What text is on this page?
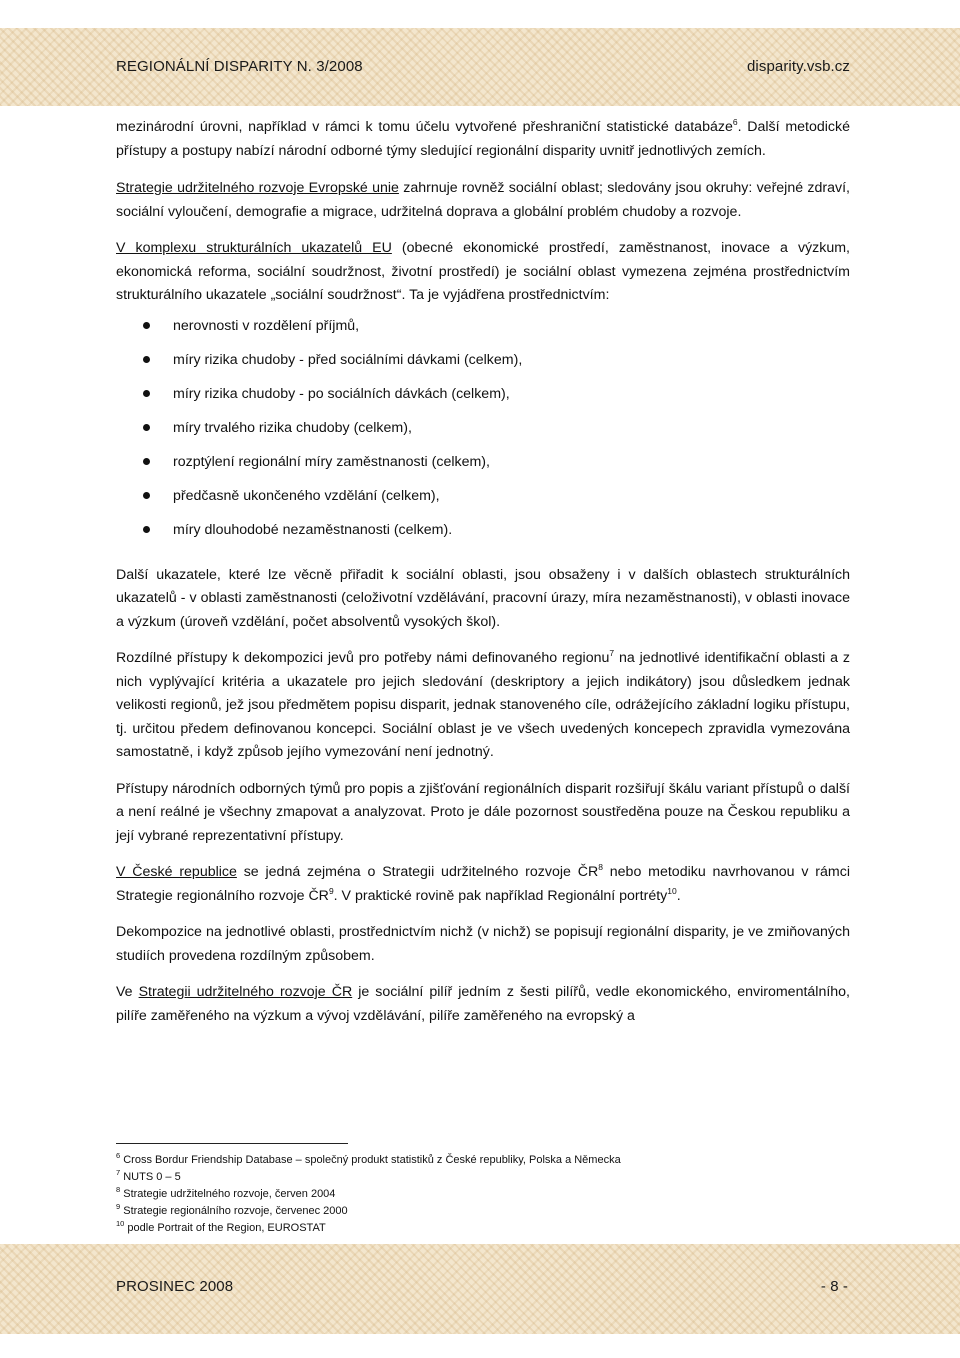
REGIONÁLNÍ DISPARITY N. 3/2008	disparity.vsb.cz

mezinárodní úrovni, například v rámci k tomu účelu vytvořené přeshraniční statistické databáze$^6$. Další metodické přístupy a postupy nabízí národní odborné týmy sledující regionální disparity uvnitř jednotlivých zemích.

Strategie udržitelného rozvoje Evropské unie zahrnuje rovněž sociální oblast; sledovány jsou okruhy: veřejné zdraví, sociální vyloučení, demografie a migrace, udržitelná doprava a globální problém chudoby a rozvoje.

V komplexu strukturálních ukazatelů EU (obecné ekonomické prostředí, zaměstnanost, inovace a výzkum, ekonomická reforma, sociální soudržnost, životní prostředí) je sociální oblast vymezena zejména prostřednictvím strukturálního ukazatele „sociální soudržnost“. Ta je vyjádřena prostřednictvím:

nerovnosti v rozdělení příjmů,
míry rizika chudoby - před sociálními dávkami (celkem),
míry rizika chudoby - po sociálních dávkách (celkem),
míry trvalého rizika chudoby (celkem),
rozptýlení regionální míry zaměstnanosti (celkem),
předčasně ukončeného vzdělání (celkem),
míry dlouhodobé nezaměstnanosti (celkem).

Další ukazatele, které lze věcně přiřadit k sociální oblasti, jsou obsaženy i v dalších oblastech strukturálních ukazatelů - v oblasti zaměstnanosti (celoživotní vzdělávání, pracovní úrazy, míra nezaměstnanosti), v oblasti inovace a výzkum (úroveň vzdělání, počet absolventů vysokých škol).

Rozdílné přístupy k dekompozici jevů pro potřeby námi definovaného regionu$^7$ na jednotlivé identifikační oblasti a z nich vyplývající kritéria a ukazatele pro jejich sledování (deskriptory a jejich indikátory) jsou důsledkem jednak velikosti regionů, jež jsou předmětem popisu disparit, jednak stanoveného cíle, odrážejícího základní logiku přístupu, tj. určitou předem definovanou koncepci. Sociální oblast je ve všech uvedených koncepech zpravidla vymezována samostatně, i když způsob jejího vymezování není jednotný.

Přístupy národních odborných týmů pro popis a zjišťování regionálních disparit rozšiřují škálu variant přístupů o další a není reálné je všechny zmapovat a analyzovat. Proto je dále pozornost soustředěna pouze na Českou republiku a její vybrané reprezentativní přístupy.

V České republice se jedná zejména o Strategii udržitelného rozvoje $ČR^8$ nebo metodiku navrhovanou v rámci Strategie regionálního rozvoje $ČR^9$. V praktické rovině pak například Regionální portréty$^{10}$.

Dekompozice na jednotlivé oblasti, prostřednictvím nichž (v nichž) se popisují regionální disparity, je ve zmiňovaných studiích provedena rozdílným způsobem.

Ve Strategii udržitelného rozvoje ČR je sociální pilíř jedním z šesti pilířů, vedle ekonomického, enviromentálního, pilíře zaměřeného na výzkum a vývoj vzdělávání, pilíře zaměřeného na evropský a

$^6$ Cross Bordur Friendship Database – společný produkt statistiků z České republiky, Polska a Německa
$^7$ NUTS 0 – 5
$^8$ Strategie udržitelného rozvoje, červen 2004
$^9$ Strategie regionálního rozvoje, červenec 2000
$^{10}$ podle Portrait of the Region, EUROSTAT
PROSINEC 2008	- 8 -
